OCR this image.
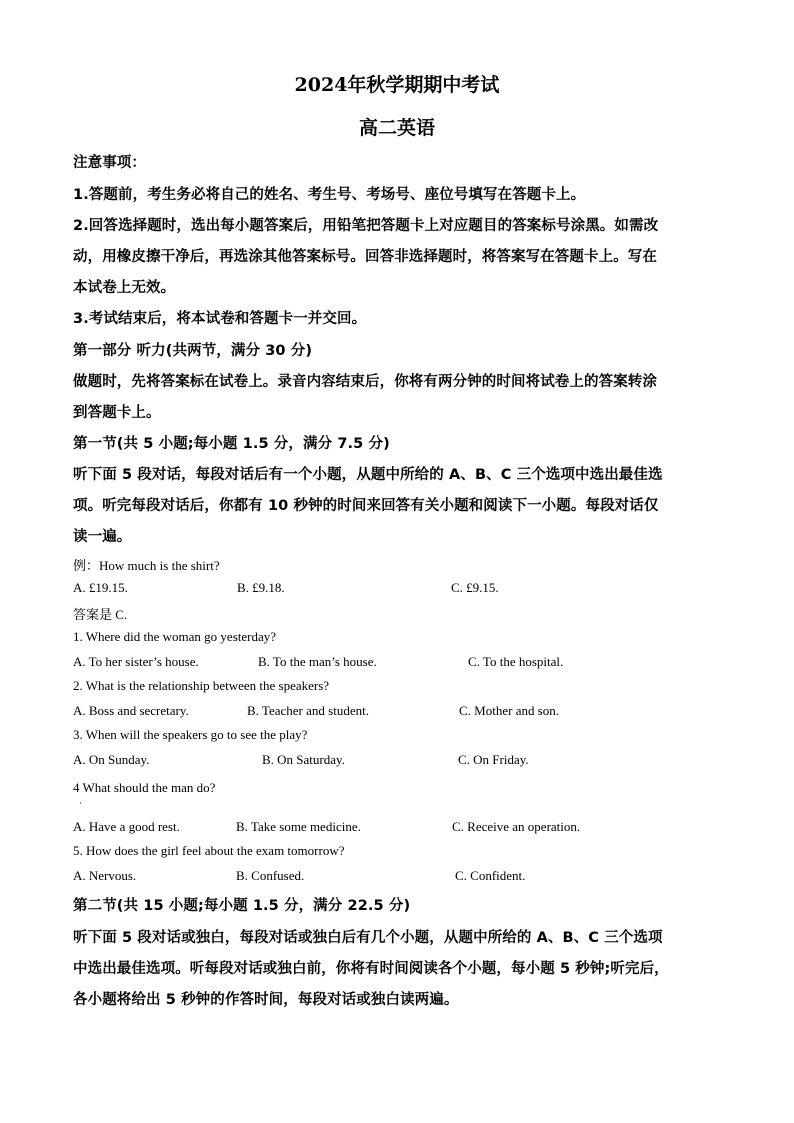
2024年秋学期期中考试
高二英语
注意事项：
1.答题前，考生务必将自己的姓名、考生号、考场号、座位号填写在答题卡上。
2.回答选择题时，选出每小题答案后，用铅笔把答题卡上对应题目的答案标号涂黑。如需改
动，用橡皮擦干净后，再选涂其他答案标号。回答非选择题时，将答案写在答题卡上。写在
本试卷上无效。
3.考试结束后，将本试卷和答题卡一并交回。
第一部分 听力(共两节，满分 30 分)
做题时，先将答案标在试卷上。录音内容结束后，你将有两分钟的时间将试卷上的答案转涂
到答题卡上。
第一节(共 5 小题;每小题 1.5 分，满分 7.5 分)
听下面 5 段对话，每段对话后有一个小题，从题中所给的 A、B、C 三个选项中选出最佳选
项。听完每段对话后，你都有 10 秒钟的时间来回答有关小题和阅读下一小题。每段对话仅
读一遍。
例：How much is the shirt?
A. £19.15.	B. £9.18.	C. £9.15.
答案是 C.
1. Where did the woman go yesterday?
A. To her sister’s house.	B. To the man’s house.	C. To the hospital.
2. What is the relationship between the speakers?
A. Boss and secretary.	B. Teacher and student.	C. Mother and son.
3. When will the speakers go to see the play?
A. On Sunday.	B. On Saturday.	C. On Friday.
4 What should the man do?
·
A. Have a good rest.	B. Take some medicine.	C. Receive an operation.
5. How does the girl feel about the exam tomorrow?
A. Nervous.	B. Confused.	C. Confident.
第二节(共 15 小题;每小题 1.5 分，满分 22.5 分)
听下面 5 段对话或独白，每段对话或独白后有几个小题，从题中所给的 A、B、C 三个选项
中选出最佳选项。听每段对话或独白前，你将有时间阅读各个小题，每小题 5 秒钟;听完后，
各小题将给出 5 秒钟的作答时间，每段对话或独白读两遍。
